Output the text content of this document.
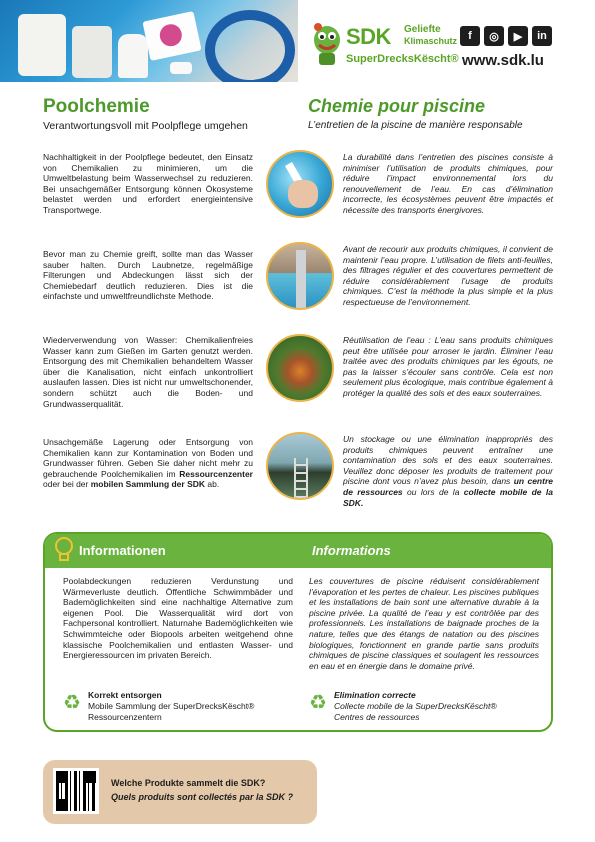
SDK Geliefte
Klimaschutz
SuperDrecksKëscht®
f	◎	▶	in
www.sdk.lu
Poolchemie
Verantwortungsvoll mit Poolpflege umgehen
Chemie pour piscine
L’entretien de la piscine de manière responsable
Nachhaltigkeit in der Poolpflege bedeutet, den Einsatz von Chemikalien zu minimieren, um die Umweltbelastung beim Wasserwechsel zu reduzieren. Bei unsachgemäßer Entsorgung können Ökosysteme belastet werden und erfordert energieintensive Transportwege.
La durabilité dans l’entretien des piscines consiste à minimiser l’utilisation de produits chimiques, pour réduire l’impact environnemental lors du renouvellement de l’eau. En cas d’élimination incorrecte, les écosystèmes peuvent être impactés et nécessite des transports énergivores.
Bevor man zu Chemie greift, sollte man das Wasser sauber halten. Durch Laubnetze, regelmäßige Filterungen und Abdeckungen lässt sich der Chemiebedarf deutlich reduzieren. Dies ist die einfachste und umweltfreundlichste Methode.
Avant de recourir aux produits chimiques, il convient de maintenir l’eau propre. L’utilisation de filets anti-feuilles, des filtrages régulier et des couvertures permettent de réduire considérablement l’usage de produits chimiques. C’est la méthode la plus simple et la plus respectueuse de l’environnement.
Wiederverwendung von Wasser: Chemikalienfreies Wasser kann zum Gießen im Garten genutzt werden. Entsorgung des mit Chemikalien behandeltem Wasser über die Kanalisation, nicht einfach unkontrolliert auslaufen lassen. Dies ist nicht nur umweltschonender, sondern schützt auch die Boden- und Grundwasserqualität.
Réutilisation de l’eau : L’eau sans produits chimiques peut être utilisée pour arroser le jardin. Éliminer l’eau traitée avec des produits chimiques par les égouts, ne pas la laisser s’écouler sans contrôle. Cela est non seulement plus écologique, mais contribue également à protéger la qualité des sols et des eaux souterraines.
Unsachgemäße Lagerung oder Entsorgung von Chemikalien kann zur Kontamination von Boden und Grundwasser führen. Geben Sie daher nicht mehr zu gebrauchende Poolchemikalien im Ressourcenzenter oder bei der mobilen Sammlung der SDK ab.
Un stockage ou une élimination inappropriés des produits chimiques peuvent entraîner une contamination des sols et des eaux souterraines. Veuillez donc déposer les produits de traitement pour piscine dont vous n’avez plus besoin, dans un centre de ressources ou lors de la collecte mobile de la SDK.
Informationen	Informations
Poolabdeckungen reduzieren Verdunstung und Wärmeverluste deutlich. Öffentliche Schwimmbäder und Bademöglichkeiten sind eine nachhaltige Alternative zum eigenen Pool. Die Wasserqualität wird dort von Fachpersonal kontrolliert. Naturnahe Bademöglichkeiten wie Schwimmteiche oder Biopools arbeiten weitgehend ohne klassische Poolchemikalien und entlasten Wasser- und Energieressourcen im privaten Bereich.
Les couvertures de piscine réduisent considérablement l’évaporation et les pertes de chaleur. Les piscines publiques et les installations de bain sont une alternative durable à la piscine privée. La qualité de l’eau y est contrôlée par des professionnels. Les installations de baignade proches de la nature, telles que des étangs de natation ou des piscines biologiques, fonctionnent en grande partie sans produits chimiques de piscine classiques et soulagent les ressources en eau et en énergie dans le domaine privé.
♻ Korrekt entsorgen
Mobile Sammlung der SuperDrecksKëscht®
Ressourcenzentern
♻ Elimination correcte
Collecte mobile de la SuperDrecksKëscht®
Centres de ressources
Welche Produkte sammelt die SDK?
Quels produits sont collectés par la SDK ?
